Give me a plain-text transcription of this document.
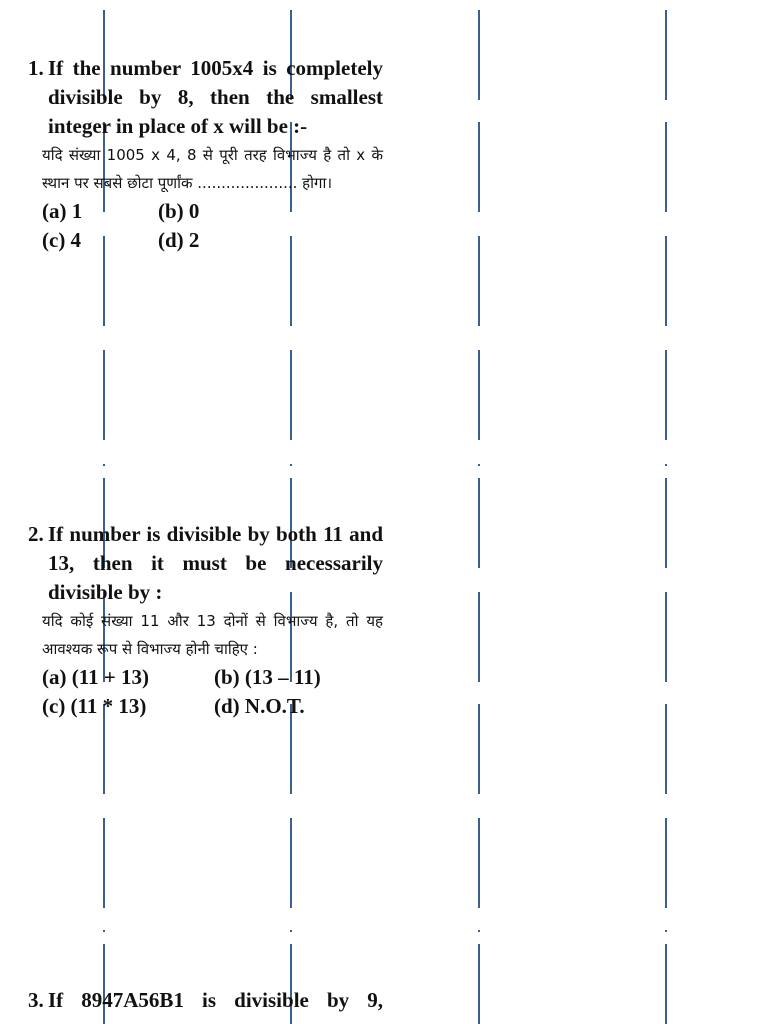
1. If the number 1005x4 is completely divisible by 8, then the smallest integer in place of x will be :-
यदि संख्या 1005 x 4, 8 से पूरी तरह विभाज्य है तो x के स्थान पर सबसे छोटा पूर्णांक ..................... होगा।
(a) 1	(b) 0
(c) 4	(d) 2
2. If number is divisible by both 11 and 13, then it must be necessarily divisible by :
यदि कोई संख्या 11 और 13 दोनों से विभाज्य है, तो यह आवश्यक रूप से विभाज्य होनी चाहिए :
(a) (11 + 13)	(b) (13 – 11)
(c) (11 * 13)	(d) N.O.T.
3. If 8947A56B1 is divisible by 9,
